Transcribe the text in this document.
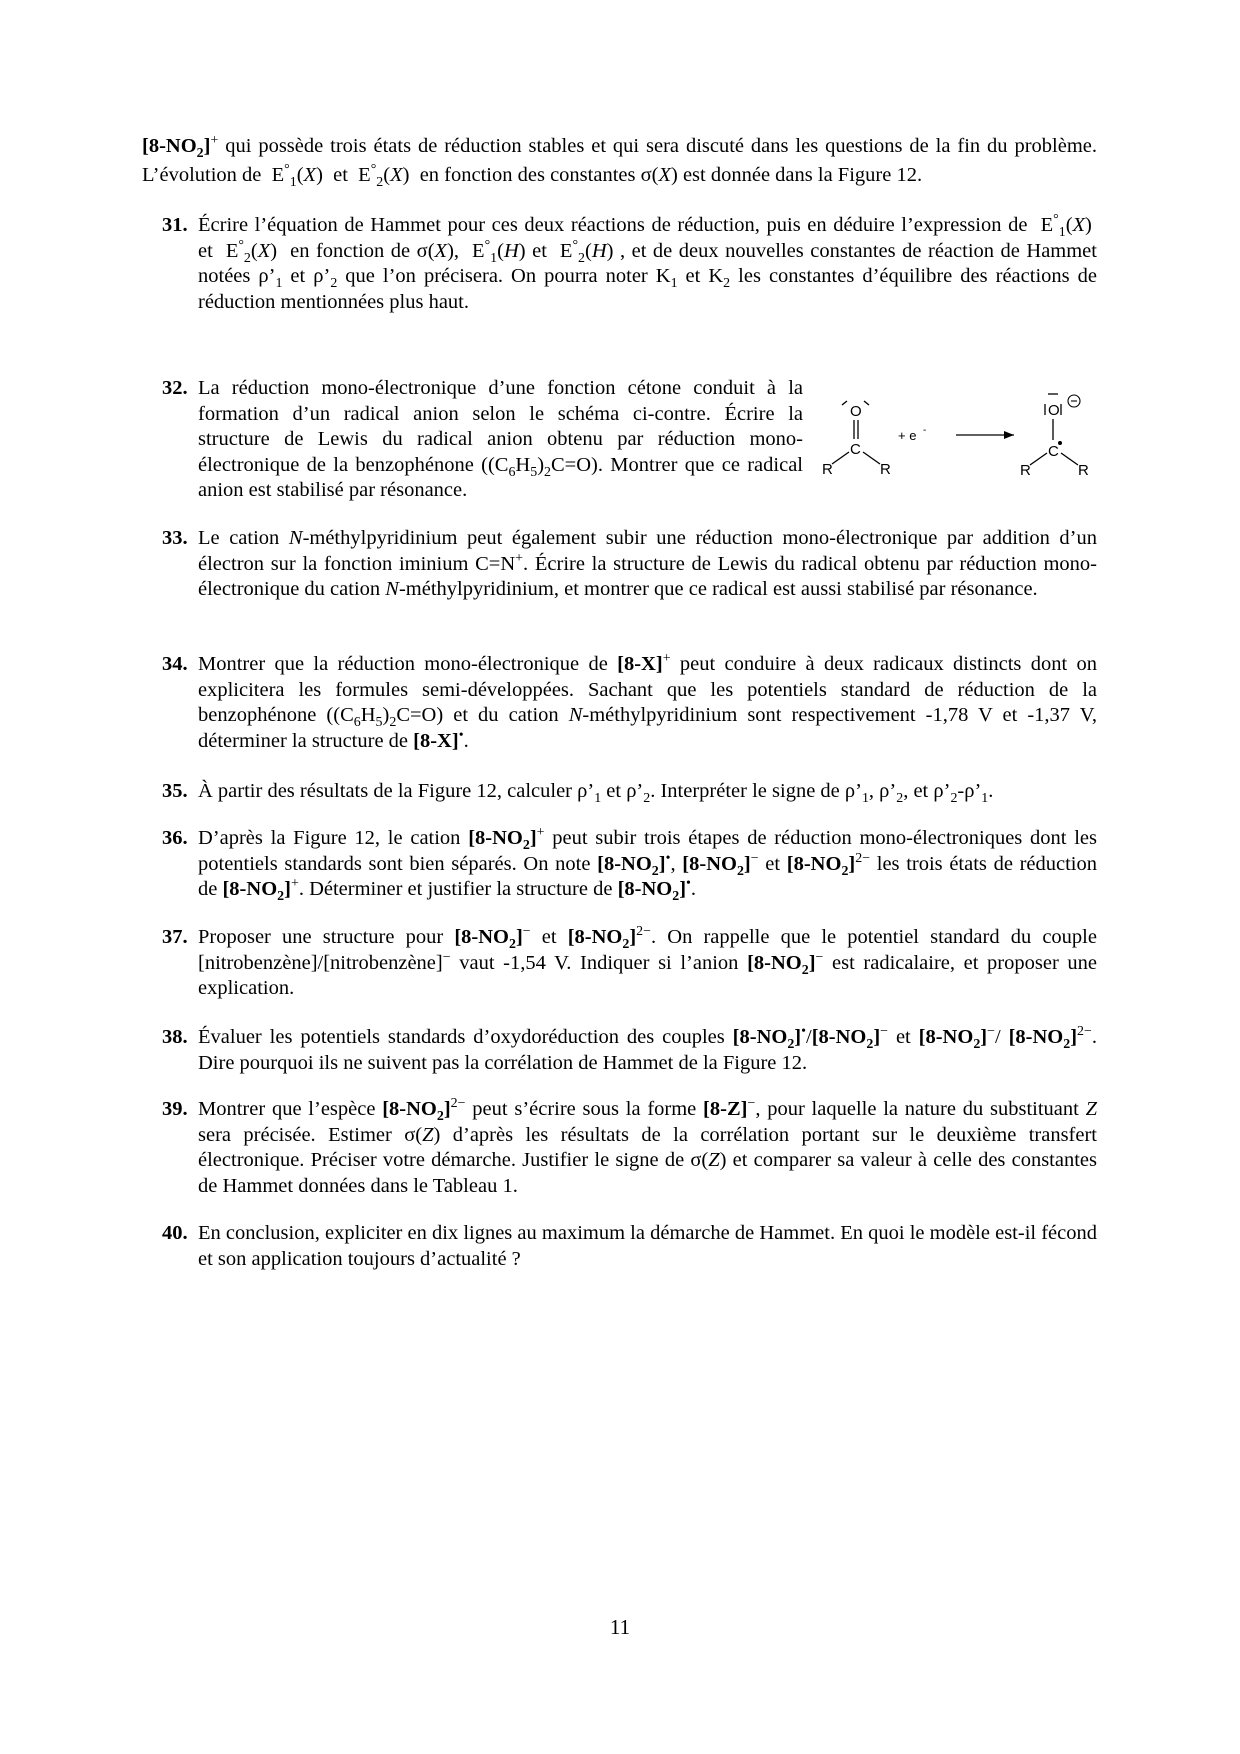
$[8-NO_2]^+$ qui possède trois états de réduction stables et qui sera discuté dans les questions de la fin du problème. L’évolution de  $E^\circ_1(X)$  et  $E^\circ_2(X)$  en fonction des constantes σ(X) est donnée dans la Figure 12.
31. Écrire l’équation de Hammet pour ces deux réactions de réduction, puis en déduire l’expression de  $E^\circ_1(X)$  et  $E^\circ_2(X)$  en fonction de σ(X),  $E^\circ_1(H)$ et  $E^\circ_2(H)$ , et de deux nouvelles constantes de réaction de Hammet notées $\rho’_1$ et $\rho’_2$ que l’on précisera. On pourra noter $K_1$ et $K_2$ les constantes d’équilibre des réactions de réduction mentionnées plus haut.
32. La réduction mono-électronique d’une fonction cétone conduit à la formation d’un radical anion selon le schéma ci-contre. Écrire la structure de Lewis du radical anion obtenu par réduction mono-électronique de la benzophénone $((C_6H_5)_2C=O)$. Montrer que ce radical anion est stabilisé par résonance.
O
C
R	R
+ e -
O
C
R	R
33. Le cation N-méthylpyridinium peut également subir une réduction mono-électronique par addition d’un électron sur la fonction iminium C=N+. Écrire la structure de Lewis du radical obtenu par réduction mono-électronique du cation N-méthylpyridinium, et montrer que ce radical est aussi stabilisé par résonance.
34. Montrer que la réduction mono-électronique de [8-X]+ peut conduire à deux radicaux distincts dont on explicitera les formules semi-développées. Sachant que les potentiels standard de réduction de la benzophénone $((C_6H_5)_2C=O)$ et du cation N-méthylpyridinium sont respectivement -1,78 V et -1,37 V, déterminer la structure de [8-X]•.
35. À partir des résultats de la Figure 12, calculer $\rho’_1$ et $\rho’_2$. Interpréter le signe de $\rho’_1$, $\rho’_2$, et $\rho’_2-\rho’_1$.
36. D’après la Figure 12, le cation $[8-NO_2]^+$ peut subir trois étapes de réduction mono-électroniques dont les potentiels standards sont bien séparés. On note $[8-NO_2]^•$, $[8-NO_2]^-$ et $[8-NO_2]^{2-}$ les trois états de réduction de $[8-NO_2]^+$. Déterminer et justifier la structure de $[8-NO_2]^•$.
37. Proposer une structure pour $[8-NO_2]^-$ et $[8-NO_2]^{2-}$. On rappelle que le potentiel standard du couple [nitrobenzène]/[nitrobenzène]− vaut -1,54 V. Indiquer si l’anion $[8-NO_2]^-$ est radicalaire, et proposer une explication.
38. Évaluer les potentiels standards d’oxydoréduction des couples $[8-NO_2]^•/[8-NO_2]^-$ et $[8-NO_2]^-/$ $[8-NO_2]^{2-}$. Dire pourquoi ils ne suivent pas la corrélation de Hammet de la Figure 12.
39. Montrer que l’espèce $[8-NO_2]^{2-}$ peut s’écrire sous la forme [8-Z]−, pour laquelle la nature du substituant Z sera précisée. Estimer σ(Z) d’après les résultats de la corrélation portant sur le deuxième transfert électronique. Préciser votre démarche. Justifier le signe de σ(Z) et comparer sa valeur à celle des constantes de Hammet données dans le Tableau 1.
40. En conclusion, expliciter en dix lignes au maximum la démarche de Hammet. En quoi le modèle est-il fécond et son application toujours d’actualité ?
11
